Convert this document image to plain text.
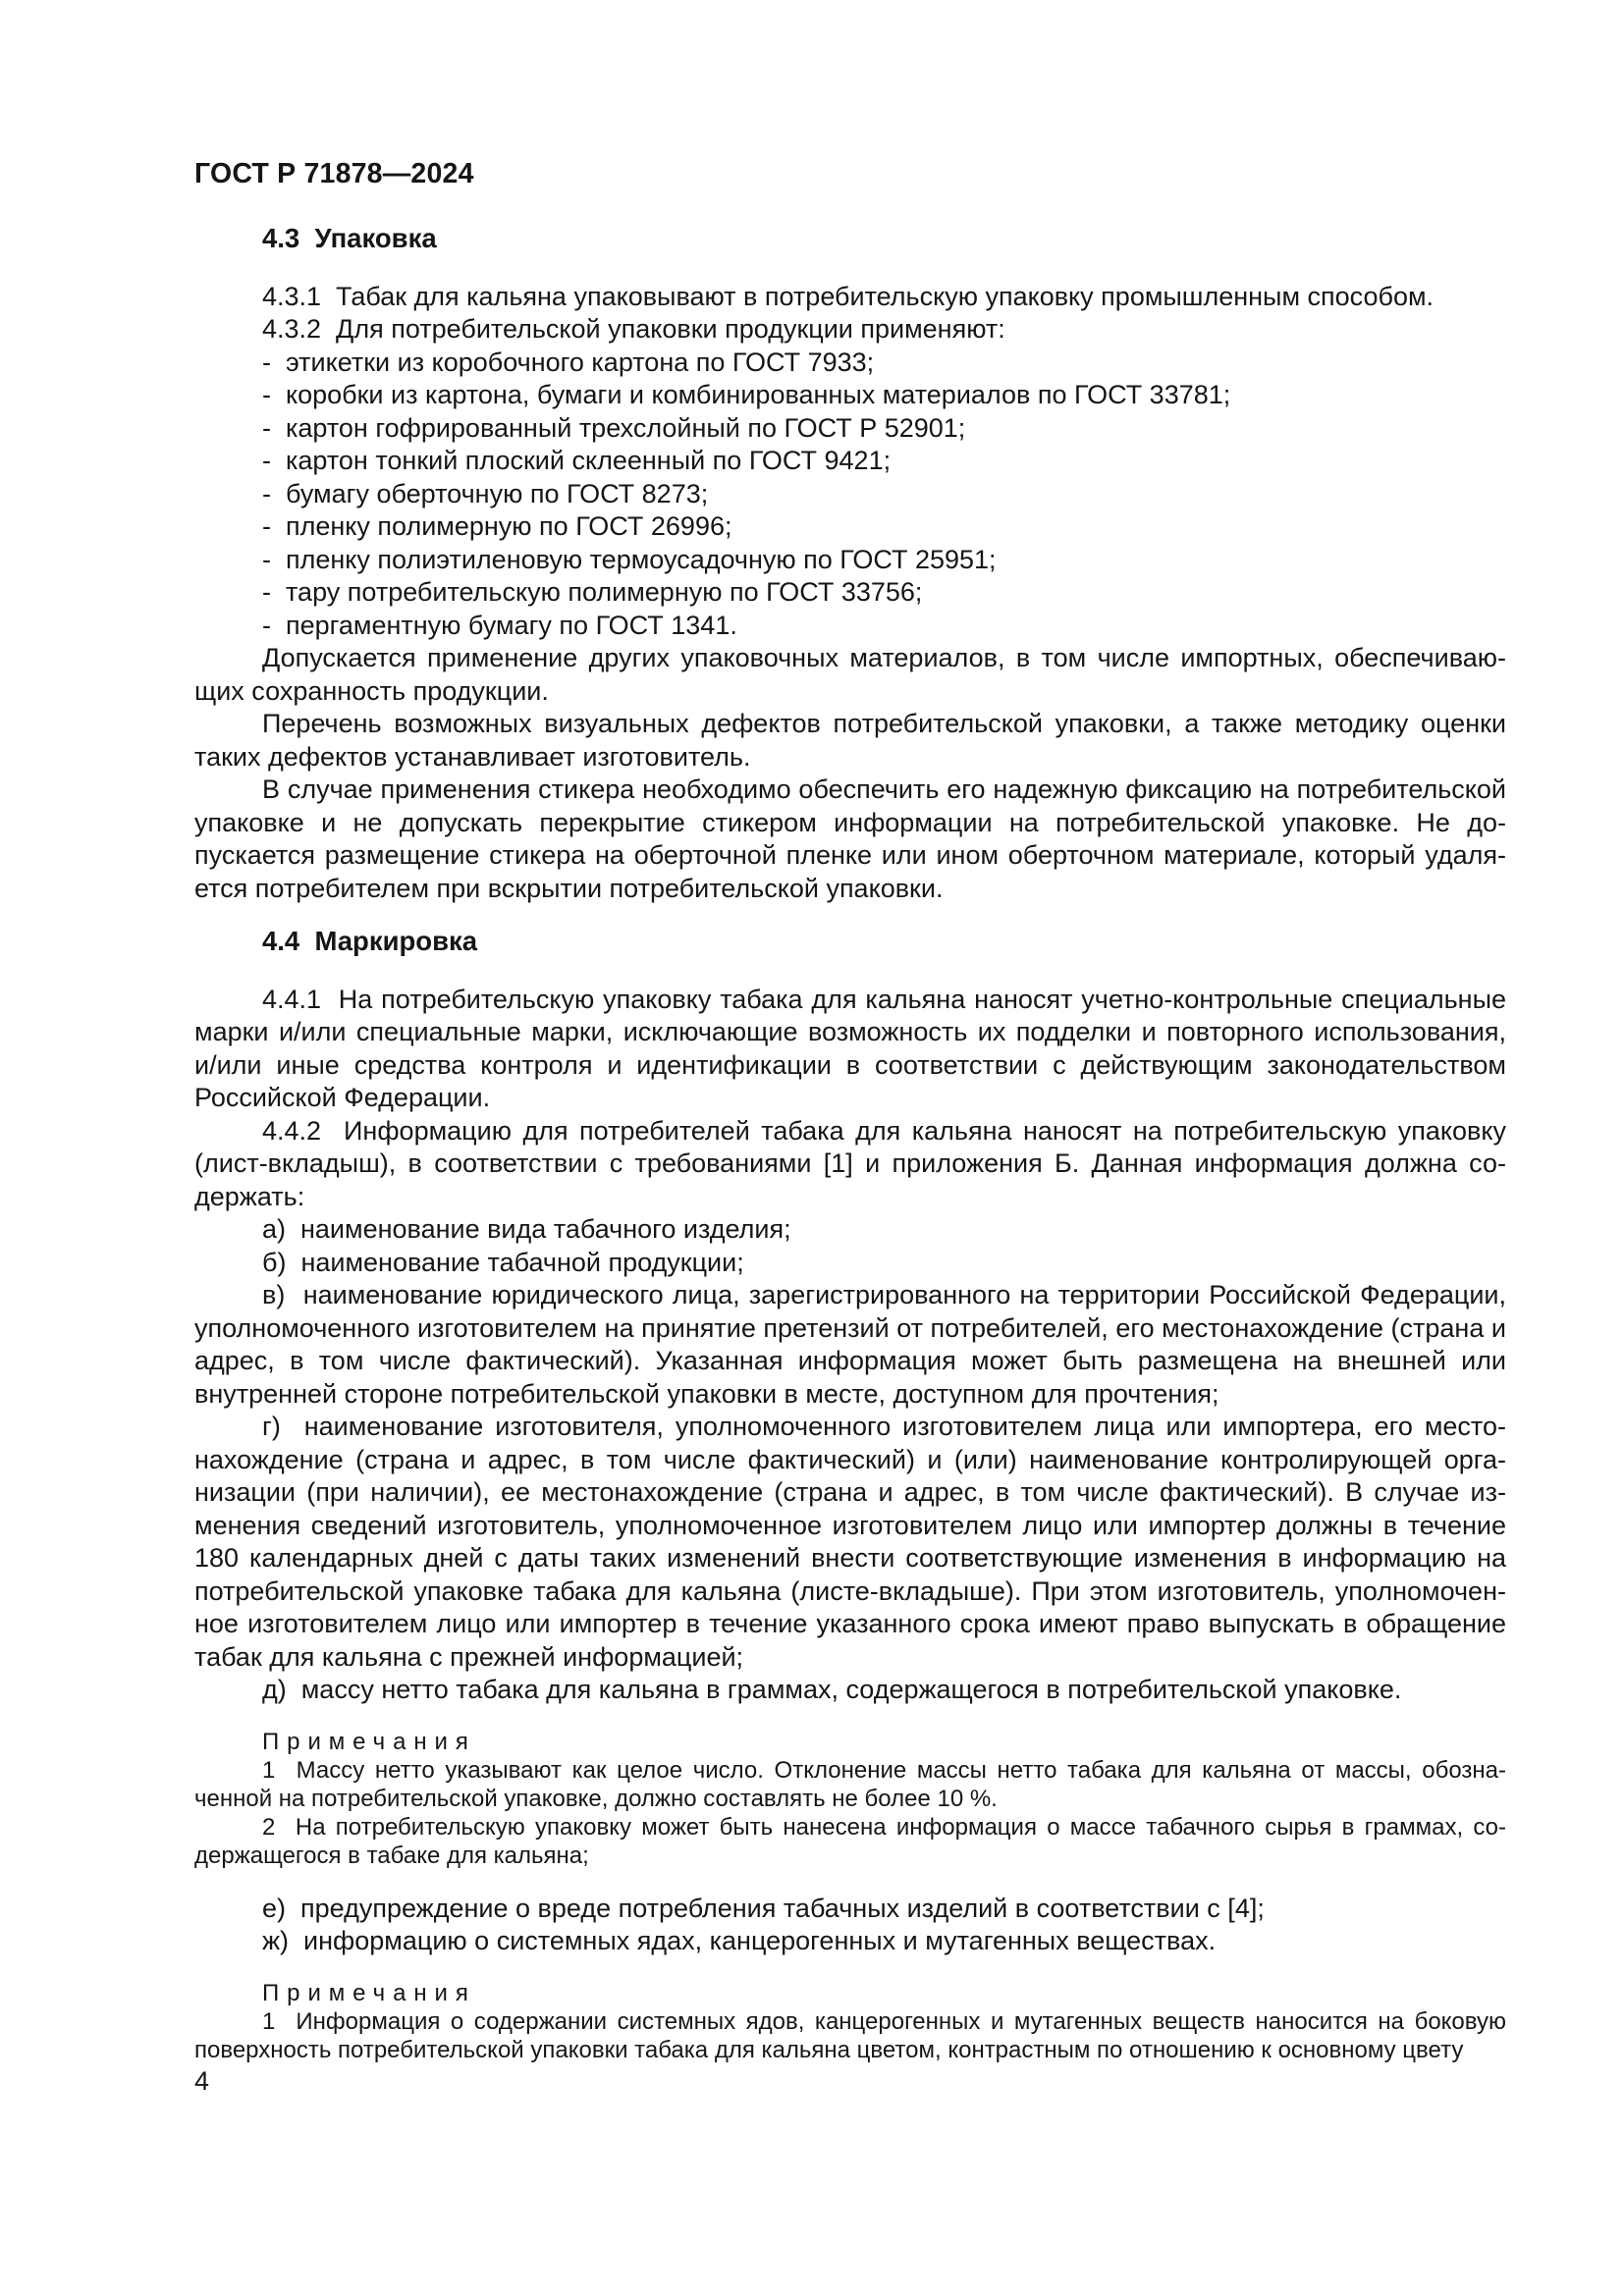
ГОСТ Р 71878—2024
4.3  Упаковка
4.3.1  Табак для кальяна упаковывают в потребительскую упаковку промышленным способом.
4.3.2  Для потребительской упаковки продукции применяют:
-  этикетки из коробочного картона по ГОСТ 7933;
-  коробки из картона, бумаги и комбинированных материалов по ГОСТ 33781;
-  картон гофрированный трехслойный по ГОСТ Р 52901;
-  картон тонкий плоский склеенный по ГОСТ 9421;
-  бумагу оберточную по ГОСТ 8273;
-  пленку полимерную по ГОСТ 26996;
-  пленку полиэтиленовую термоусадочную по ГОСТ 25951;
-  тару потребительскую полимерную по ГОСТ 33756;
-  пергаментную бумагу по ГОСТ 1341.
Допускается применение других упаковочных материалов, в том числе импортных, обеспечивающих сохранность продукции.
Перечень возможных визуальных дефектов потребительской упаковки, а также методику оценки таких дефектов устанавливает изготовитель.
В случае применения стикера необходимо обеспечить его надежную фиксацию на потребительской упаковке и не допускать перекрытие стикером информации на потребительской упаковке. Не допускается размещение стикера на оберточной пленке или ином оберточном материале, который удаляется потребителем при вскрытии потребительской упаковки.
4.4  Маркировка
4.4.1  На потребительскую упаковку табака для кальяна наносят учетно-контрольные специальные марки и/или специальные марки, исключающие возможность их подделки и повторного использования, и/или иные средства контроля и идентификации в соответствии с действующим законодательством Российской Федерации.
4.4.2  Информацию для потребителей табака для кальяна наносят на потребительскую упаковку (лист-вкладыш), в соответствии с требованиями [1] и приложения Б. Данная информация должна содержать:
а)  наименование вида табачного изделия;
б)  наименование табачной продукции;
в)  наименование юридического лица, зарегистрированного на территории Российской Федерации, уполномоченного изготовителем на принятие претензий от потребителей, его местонахождение (страна и адрес, в том числе фактический). Указанная информация может быть размещена на внешней или внутренней стороне потребительской упаковки в месте, доступном для прочтения;
г)  наименование изготовителя, уполномоченного изготовителем лица или импортера, его местонахождение (страна и адрес, в том числе фактический) и (или) наименование контролирующей организации (при наличии), ее местонахождение (страна и адрес, в том числе фактический). В случае изменения сведений изготовитель, уполномоченное изготовителем лицо или импортер должны в течение 180 календарных дней с даты таких изменений внести соответствующие изменения в информацию на потребительской упаковке табака для кальяна (листе-вкладыше). При этом изготовитель, уполномоченное изготовителем лицо или импортер в течение указанного срока имеют право выпускать в обращение табак для кальяна с прежней информацией;
д)  массу нетто табака для кальяна в граммах, содержащегося в потребительской упаковке.
Примечания
1  Массу нетто указывают как целое число. Отклонение массы нетто табака для кальяна от массы, обозначенной на потребительской упаковке, должно составлять не более 10 %.
2  На потребительскую упаковку может быть нанесена информация о массе табачного сырья в граммах, содержащегося в табаке для кальяна;
е)  предупреждение о вреде потребления табачных изделий в соответствии с [4];
ж)  информацию о системных ядах, канцерогенных и мутагенных веществах.
Примечания
1  Информация о содержании системных ядов, канцерогенных и мутагенных веществ наносится на боковую поверхность потребительской упаковки табака для кальяна цветом, контрастным по отношению к основному цвету
4
